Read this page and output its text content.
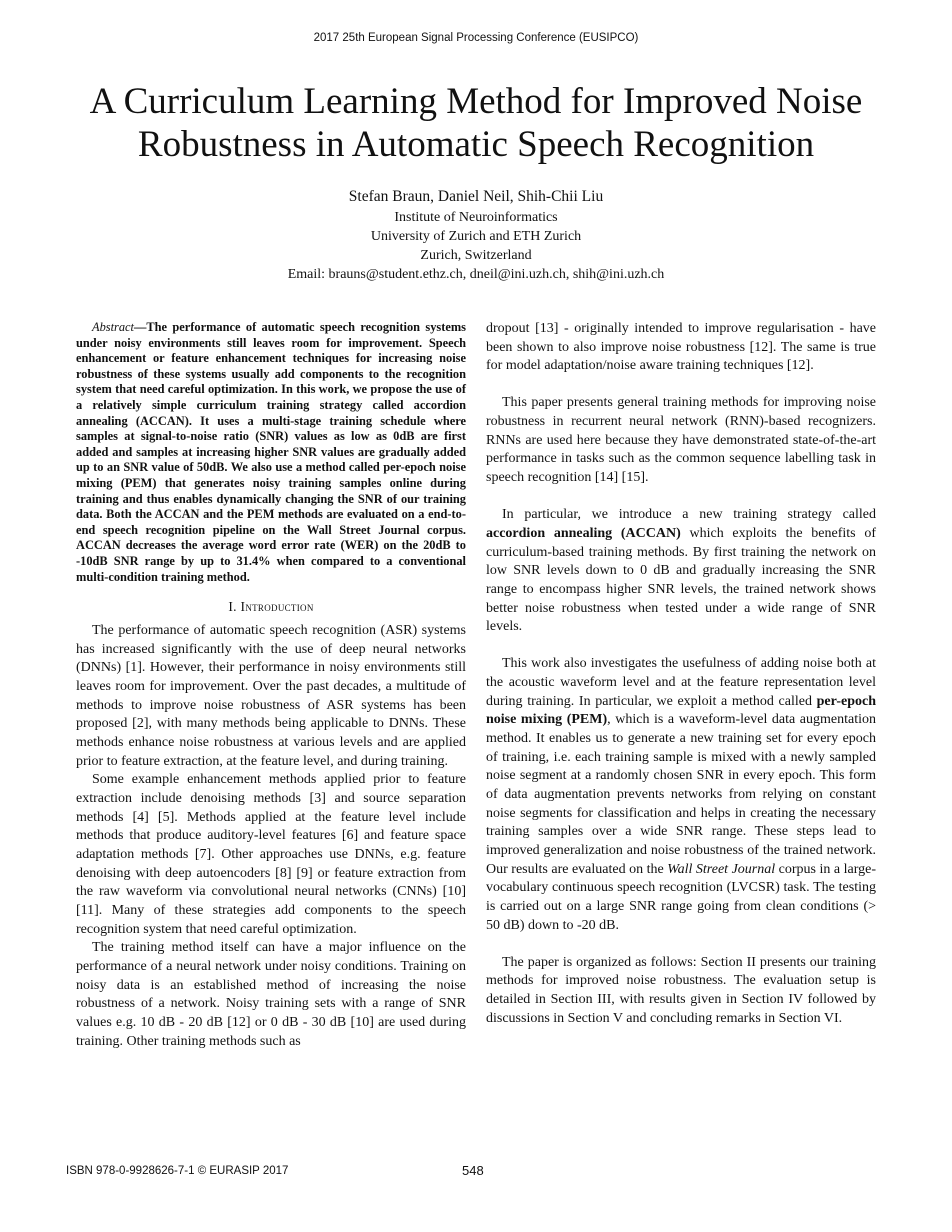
2017 25th European Signal Processing Conference (EUSIPCO)
A Curriculum Learning Method for Improved Noise
Robustness in Automatic Speech Recognition
Stefan Braun, Daniel Neil, Shih-Chii Liu
Institute of Neuroinformatics
University of Zurich and ETH Zurich
Zurich, Switzerland
Email: brauns@student.ethz.ch, dneil@ini.uzh.ch, shih@ini.uzh.ch

Abstract—The performance of automatic speech recognition systems under noisy environments still leaves room for improvement. Speech enhancement or feature enhancement techniques for increasing noise robustness of these systems usually add components to the recognition system that need careful optimization. In this work, we propose the use of a relatively simple curriculum training strategy called accordion annealing (ACCAN). It uses a multi-stage training schedule where samples at signal-to-noise ratio (SNR) values as low as 0dB are first added and samples at increasing higher SNR values are gradually added up to an SNR value of 50dB. We also use a method called per-epoch noise mixing (PEM) that generates noisy training samples online during training and thus enables dynamically changing the SNR of our training data. Both the ACCAN and the PEM methods are evaluated on a end-to-end speech recognition pipeline on the Wall Street Journal corpus. ACCAN decreases the average word error rate (WER) on the 20dB to -10dB SNR range by up to 31.4% when compared to a conventional multi-condition training method.

I. Introduction

The performance of automatic speech recognition (ASR) systems has increased significantly with the use of deep neural networks (DNNs) [1]. However, their performance in noisy environments still leaves room for improvement. Over the past decades, a multitude of methods to improve noise robustness of ASR systems has been proposed [2], with many methods being applicable to DNNs. These methods enhance noise robustness at various levels and are applied prior to feature extraction, at the feature level, and during training.

Some example enhancement methods applied prior to feature extraction include denoising methods [3] and source separation methods [4] [5]. Methods applied at the feature level include methods that produce auditory-level features [6] and feature space adaptation methods [7]. Other approaches use DNNs, e.g. feature denoising with deep autoencoders [8] [9] or feature extraction from the raw waveform via convolutional neural networks (CNNs) [10] [11]. Many of these strategies add components to the speech recognition system that need careful optimization.

The training method itself can have a major influence on the performance of a neural network under noisy conditions. Training on noisy data is an established method of increasing the noise robustness of a network. Noisy training sets with a range of SNR values e.g. 10 dB - 20 dB [12] or 0 dB - 30 dB [10] are used during training. Other training methods such as

dropout [13] - originally intended to improve regularisation - have been shown to also improve noise robustness [12]. The same is true for model adaptation/noise aware training techniques [12].

This paper presents general training methods for improving noise robustness in recurrent neural network (RNN)-based recognizers. RNNs are used here because they have demonstrated state-of-the-art performance in tasks such as the common sequence labelling task in speech recognition [14] [15].

In particular, we introduce a new training strategy called accordion annealing (ACCAN) which exploits the benefits of curriculum-based training methods. By first training the network on low SNR levels down to 0 dB and gradually increasing the SNR range to encompass higher SNR levels, the trained network shows better noise robustness when tested under a wide range of SNR levels.

This work also investigates the usefulness of adding noise both at the acoustic waveform level and at the feature representation level during training. In particular, we exploit a method called per-epoch noise mixing (PEM), which is a waveform-level data augmentation method. It enables us to generate a new training set for every epoch of training, i.e. each training sample is mixed with a newly sampled noise segment at a randomly chosen SNR in every epoch. This form of data augmentation prevents networks from relying on constant noise segments for classification and helps in creating the necessary training samples over a wide SNR range. These steps lead to improved generalization and noise robustness of the trained network. Our results are evaluated on the Wall Street Journal corpus in a large-vocabulary continuous speech recognition (LVCSR) task. The testing is carried out on a large SNR range going from clean conditions (> 50 dB) down to -20 dB.

The paper is organized as follows: Section II presents our training methods for improved noise robustness. The evaluation setup is detailed in Section III, with results given in Section IV followed by discussions in Section V and concluding remarks in Section VI.

ISBN 978-0-9928626-7-1 © EURASIP 2017	548
